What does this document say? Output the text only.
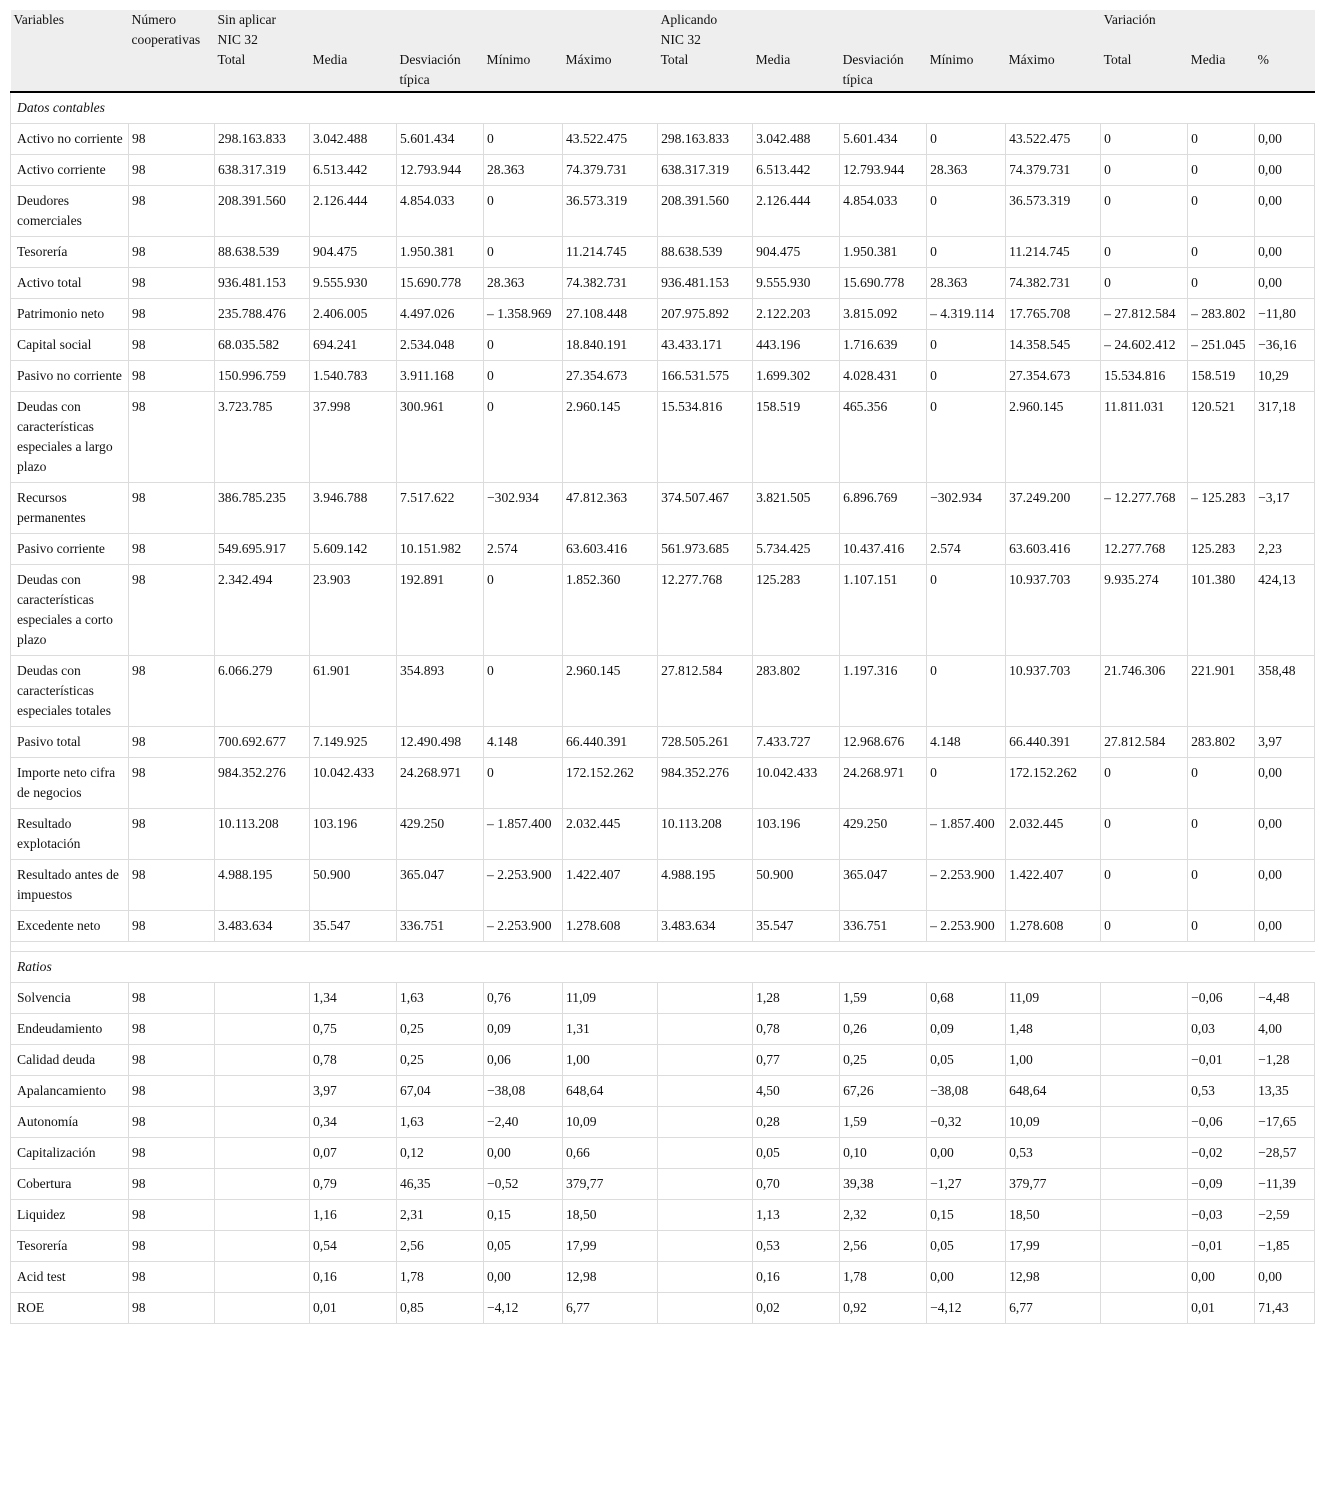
Variables	Número cooperativas	Sin aplicar NIC 32					Aplicando NIC 32					Variación		
		Total	Media	Desviación típica	Mínimo	Máximo	Total	Media	Desviación típica	Mínimo	Máximo	Total	Media	%
Datos contables														
Activo no corriente	98	298.163.833	3.042.488	5.601.434	0	43.522.475	298.163.833	3.042.488	5.601.434	0	43.522.475	0	0	0,00
Activo corriente	98	638.317.319	6.513.442	12.793.944	28.363	74.379.731	638.317.319	6.513.442	12.793.944	28.363	74.379.731	0	0	0,00
Deudores comerciales	98	208.391.560	2.126.444	4.854.033	0	36.573.319	208.391.560	2.126.444	4.854.033	0	36.573.319	0	0	0,00
Tesorería	98	88.638.539	904.475	1.950.381	0	11.214.745	88.638.539	904.475	1.950.381	0	11.214.745	0	0	0,00
Activo total	98	936.481.153	9.555.930	15.690.778	28.363	74.382.731	936.481.153	9.555.930	15.690.778	28.363	74.382.731	0	0	0,00
Patrimonio neto	98	235.788.476	2.406.005	4.497.026	– 1.358.969	27.108.448	207.975.892	2.122.203	3.815.092	– 4.319.114	17.765.708	– 27.812.584	– 283.802	−11,80
Capital social	98	68.035.582	694.241	2.534.048	0	18.840.191	43.433.171	443.196	1.716.639	0	14.358.545	– 24.602.412	– 251.045	−36,16
Pasivo no corriente	98	150.996.759	1.540.783	3.911.168	0	27.354.673	166.531.575	1.699.302	4.028.431	0	27.354.673	15.534.816	158.519	10,29
Deudas con características especiales a largo plazo	98	3.723.785	37.998	300.961	0	2.960.145	15.534.816	158.519	465.356	0	2.960.145	11.811.031	120.521	317,18
Recursos permanentes	98	386.785.235	3.946.788	7.517.622	−302.934	47.812.363	374.507.467	3.821.505	6.896.769	−302.934	37.249.200	– 12.277.768	– 125.283	−3,17
Pasivo corriente	98	549.695.917	5.609.142	10.151.982	2.574	63.603.416	561.973.685	5.734.425	10.437.416	2.574	63.603.416	12.277.768	125.283	2,23
Deudas con características especiales a corto plazo	98	2.342.494	23.903	192.891	0	1.852.360	12.277.768	125.283	1.107.151	0	10.937.703	9.935.274	101.380	424,13
Deudas con características especiales totales	98	6.066.279	61.901	354.893	0	2.960.145	27.812.584	283.802	1.197.316	0	10.937.703	21.746.306	221.901	358,48
Pasivo total	98	700.692.677	7.149.925	12.490.498	4.148	66.440.391	728.505.261	7.433.727	12.968.676	4.148	66.440.391	27.812.584	283.802	3,97
Importe neto cifra de negocios	98	984.352.276	10.042.433	24.268.971	0	172.152.262	984.352.276	10.042.433	24.268.971	0	172.152.262	0	0	0,00
Resultado explotación	98	10.113.208	103.196	429.250	– 1.857.400	2.032.445	10.113.208	103.196	429.250	– 1.857.400	2.032.445	0	0	0,00
Resultado antes de impuestos	98	4.988.195	50.900	365.047	– 2.253.900	1.422.407	4.988.195	50.900	365.047	– 2.253.900	1.422.407	0	0	0,00
Excedente neto	98	3.483.634	35.547	336.751	– 2.253.900	1.278.608	3.483.634	35.547	336.751	– 2.253.900	1.278.608	0	0	0,00

Ratios														
Solvencia	98		1,34	1,63	0,76	11,09		1,28	1,59	0,68	11,09		−0,06	−4,48
Endeudamiento	98		0,75	0,25	0,09	1,31		0,78	0,26	0,09	1,48		0,03	4,00
Calidad deuda	98		0,78	0,25	0,06	1,00		0,77	0,25	0,05	1,00		−0,01	−1,28
Apalancamiento	98		3,97	67,04	−38,08	648,64		4,50	67,26	−38,08	648,64		0,53	13,35
Autonomía	98		0,34	1,63	−2,40	10,09		0,28	1,59	−0,32	10,09		−0,06	−17,65
Capitalización	98		0,07	0,12	0,00	0,66		0,05	0,10	0,00	0,53		−0,02	−28,57
Cobertura	98		0,79	46,35	−0,52	379,77		0,70	39,38	−1,27	379,77		−0,09	−11,39
Liquidez	98		1,16	2,31	0,15	18,50		1,13	2,32	0,15	18,50		−0,03	−2,59
Tesorería	98		0,54	2,56	0,05	17,99		0,53	2,56	0,05	17,99		−0,01	−1,85
Acid test	98		0,16	1,78	0,00	12,98		0,16	1,78	0,00	12,98		0,00	0,00
ROE	98		0,01	0,85	−4,12	6,77		0,02	0,92	−4,12	6,77		0,01	71,43
